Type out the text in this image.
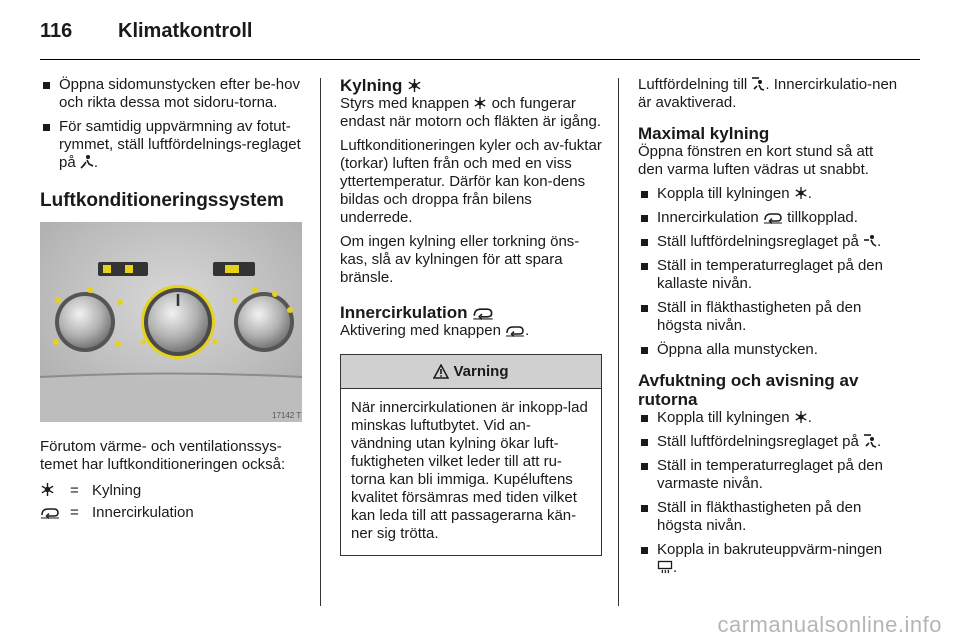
116 Klimatkontroll
Öppna sidomunstycken efter be-hov och rikta dessa mot sidoru-torna.
För samtidig uppvärmning av fotut-rymmet, ställ luftfördelnings-reglaget på .
Luftkonditioneringssystem
17142 T
Förutom värme- och ventilationssys-temet har luftkonditioneringen också:
= Kylning
= Innercirkulation
Kylning
Styrs med knappen och fungerar endast när motorn och fläkten är igång.
Luftkonditioneringen kyler och av-fuktar (torkar) luften från och med en viss yttertemperatur. Därför kan kon-dens bildas och droppa från bilens underrede.
Om ingen kylning eller torkning öns-kas, slå av kylningen för att spara bränsle.
Innercirkulation
Aktivering med knappen .
Varning
När innercirkulationen är inkopp-lad minskas luftutbytet. Vid an-vändning utan kylning ökar luft-fuktigheten vilket leder till att ru-torna kan bli immiga. Kupéluftens kvalitet försämras med tiden vilket kan leda till att passagerarna kän-ner sig trötta.
Luftfördelning till . Innercirkulatio-nen är avaktiverad.
Maximal kylning
Öppna fönstren en kort stund så att den varma luften vädras ut snabbt.
Koppla till kylningen .
Innercirkulation tillkopplad.
Ställ luftfördelningsreglaget på .
Ställ in temperaturreglaget på den kallaste nivån.
Ställ in fläkthastigheten på den högsta nivån.
Öppna alla munstycken.
Avfuktning och avisning av rutorna
Koppla till kylningen .
Ställ luftfördelningsreglaget på .
Ställ in temperaturreglaget på den varmaste nivån.
Ställ in fläkthastigheten på den högsta nivån.
Koppla in bakruteuppvärm-ningen .
carmanualsonline.info
